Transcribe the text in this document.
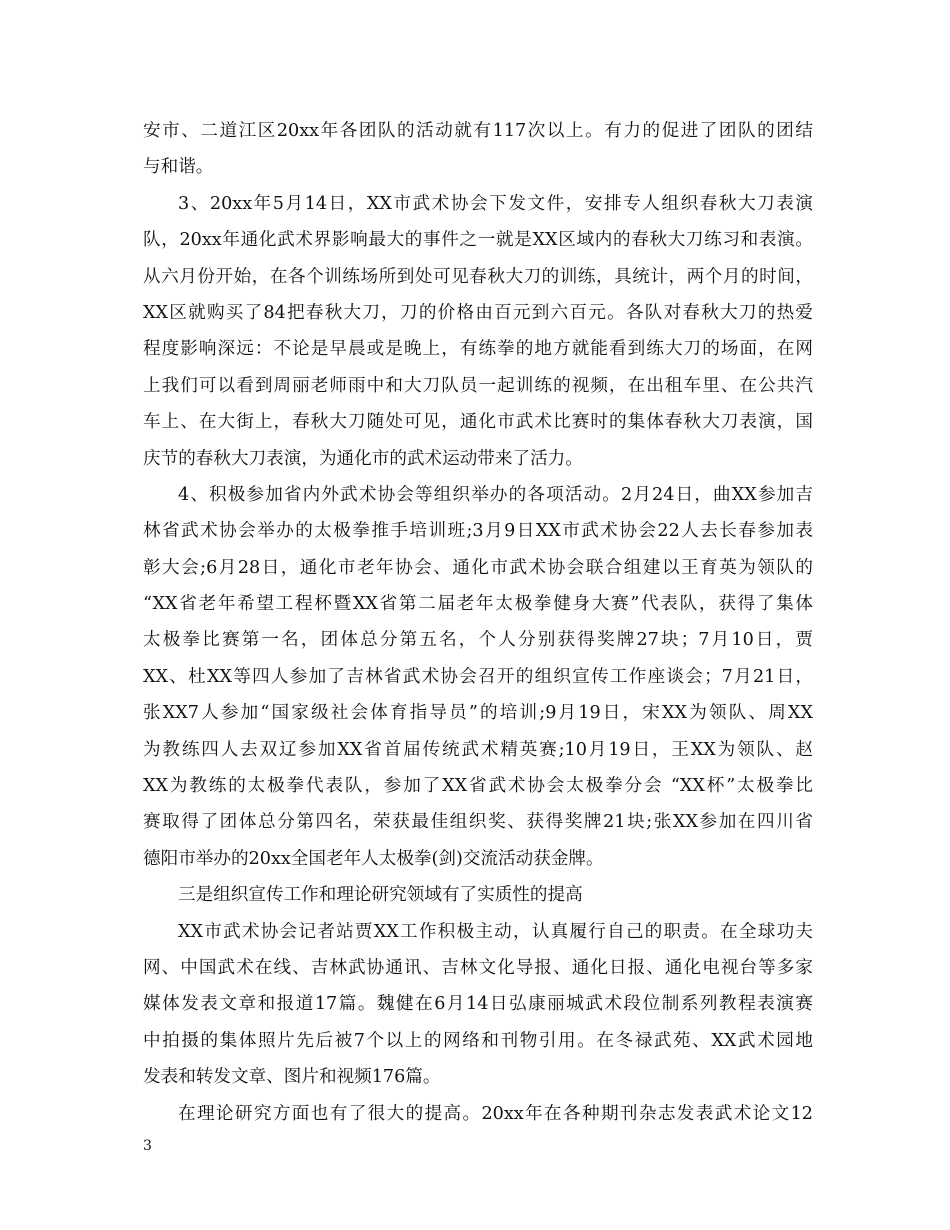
安市、二道江区20xx年各团队的活动就有117次以上。有力的促进了团队的团结
与和谐。
3、20xx年5月14日，XX市武术协会下发文件，安排专人组织春秋大刀表演
队，20xx年通化武术界影响最大的事件之一就是XX区域内的春秋大刀练习和表演。
从六月份开始，在各个训练场所到处可见春秋大刀的训练，具统计，两个月的时间，
XX区就购买了84把春秋大刀，刀的价格由百元到六百元。各队对春秋大刀的热爱
程度影响深远：不论是早晨或是晚上，有练拳的地方就能看到练大刀的场面，在网
上我们可以看到周丽老师雨中和大刀队员一起训练的视频，在出租车里、在公共汽
车上、在大街上，春秋大刀随处可见，通化市武术比赛时的集体春秋大刀表演，国
庆节的春秋大刀表演，为通化市的武术运动带来了活力。
4、积极参加省内外武术协会等组织举办的各项活动。2月24日，曲XX参加吉
林省武术协会举办的太极拳推手培训班;3月9日XX市武术协会22人去长春参加表
彰大会;6月28日，通化市老年协会、通化市武术协会联合组建以王育英为领队的
“XX省老年希望工程杯暨XX省第二届老年太极拳健身大赛”代表队，获得了集体
太极拳比赛第一名，团体总分第五名，个人分别获得奖牌27块；7月10日，贾
XX、杜XX等四人参加了吉林省武术协会召开的组织宣传工作座谈会；7月21日，
张XX7人参加“国家级社会体育指导员”的培训;9月19日，宋XX为领队、周XX
为教练四人去双辽参加XX省首届传统武术精英赛;10月19日，王XX为领队、赵
XX为教练的太极拳代表队，参加了XX省武术协会太极拳分会 “XX杯”太极拳比
赛取得了团体总分第四名，荣获最佳组织奖、获得奖牌21块;张XX参加在四川省
德阳市举办的20xx全国老年人太极拳(剑)交流活动获金牌。
三是组织宣传工作和理论研究领域有了实质性的提高
XX市武术协会记者站贾XX工作积极主动，认真履行自己的职责。在全球功夫
网、中国武术在线、吉林武协通讯、吉林文化导报、通化日报、通化电视台等多家
媒体发表文章和报道17篇。魏健在6月14日弘康丽城武术段位制系列教程表演赛
中拍摄的集体照片先后被7个以上的网络和刊物引用。在冬禄武苑、XX武术园地
发表和转发文章、图片和视频176篇。
在理论研究方面也有了很大的提高。20xx年在各种期刊杂志发表武术论文12
3
